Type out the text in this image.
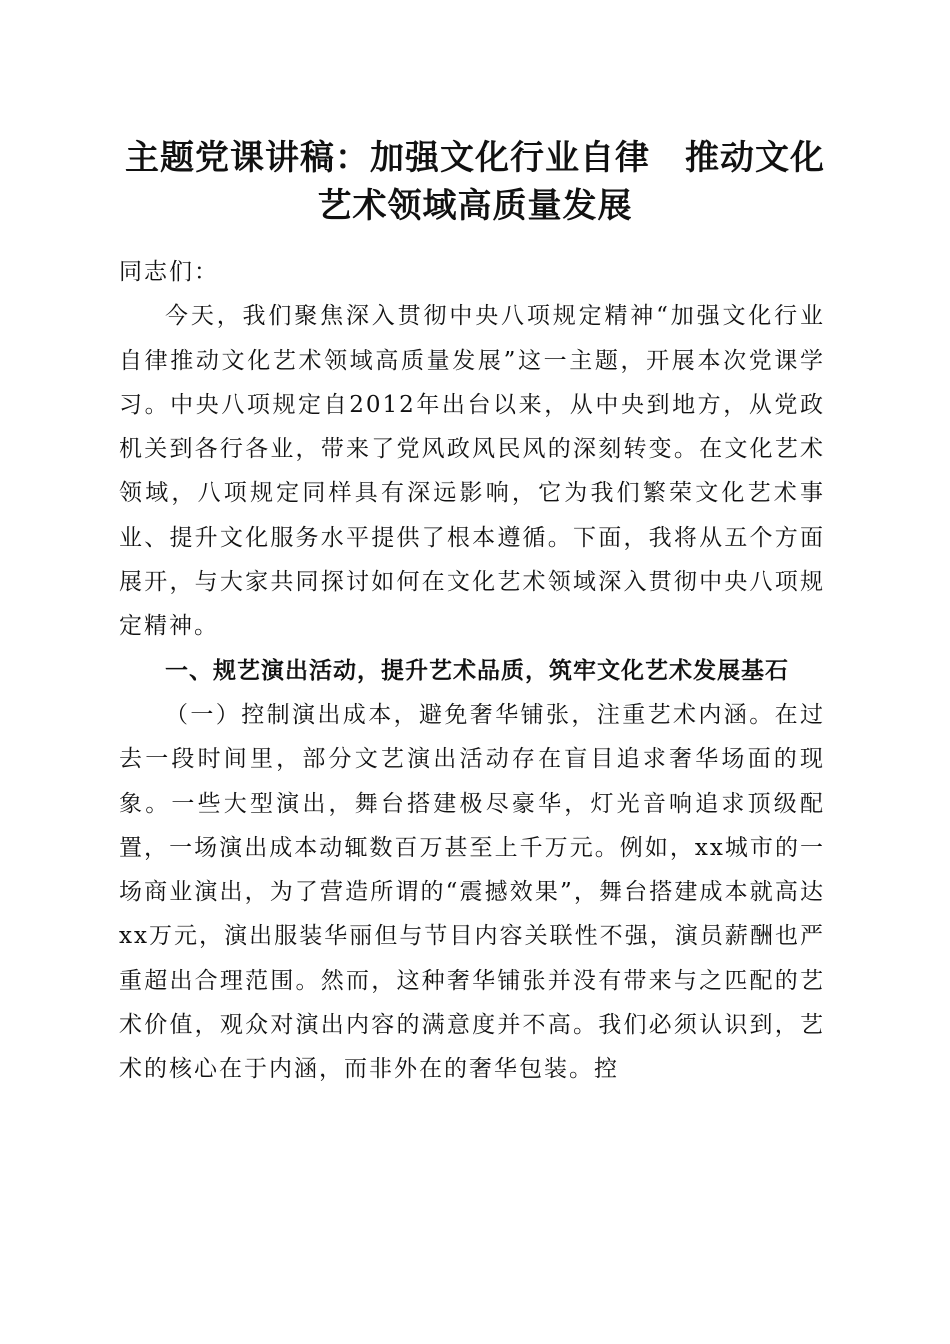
主题党课讲稿：加强文化行业自律　推动文化
艺术领域高质量发展

同志们：

今天，我们聚焦深入贯彻中央八项规定精神“加强文化行业自律推动文化艺术领域高质量发展”这一主题，开展本次党课学习。中央八项规定自2012年出台以来，从中央到地方，从党政机关到各行各业，带来了党风政风民风的深刻转变。在文化艺术领域，八项规定同样具有深远影响，它为我们繁荣文化艺术事业、提升文化服务水平提供了根本遵循。下面，我将从五个方面展开，与大家共同探讨如何在文化艺术领域深入贯彻中央八项规定精神。

一、规艺演出活动，提升艺术品质，筑牢文化艺术发展基石

（一）控制演出成本，避免奢华铺张，注重艺术内涵。在过去一段时间里，部分文艺演出活动存在盲目追求奢华场面的现象。一些大型演出，舞台搭建极尽豪华，灯光音响追求顶级配置，一场演出成本动辄数百万甚至上千万元。例如，xx城市的一场商业演出，为了营造所谓的“震撼效果”，舞台搭建成本就高达xx万元，演出服装华丽但与节目内容关联性不强，演员薪酬也严重超出合理范围。然而，这种奢华铺张并没有带来与之匹配的艺术价值，观众对演出内容的满意度并不高。我们必须认识到，艺术的核心在于内涵，而非外在的奢华包装。控
